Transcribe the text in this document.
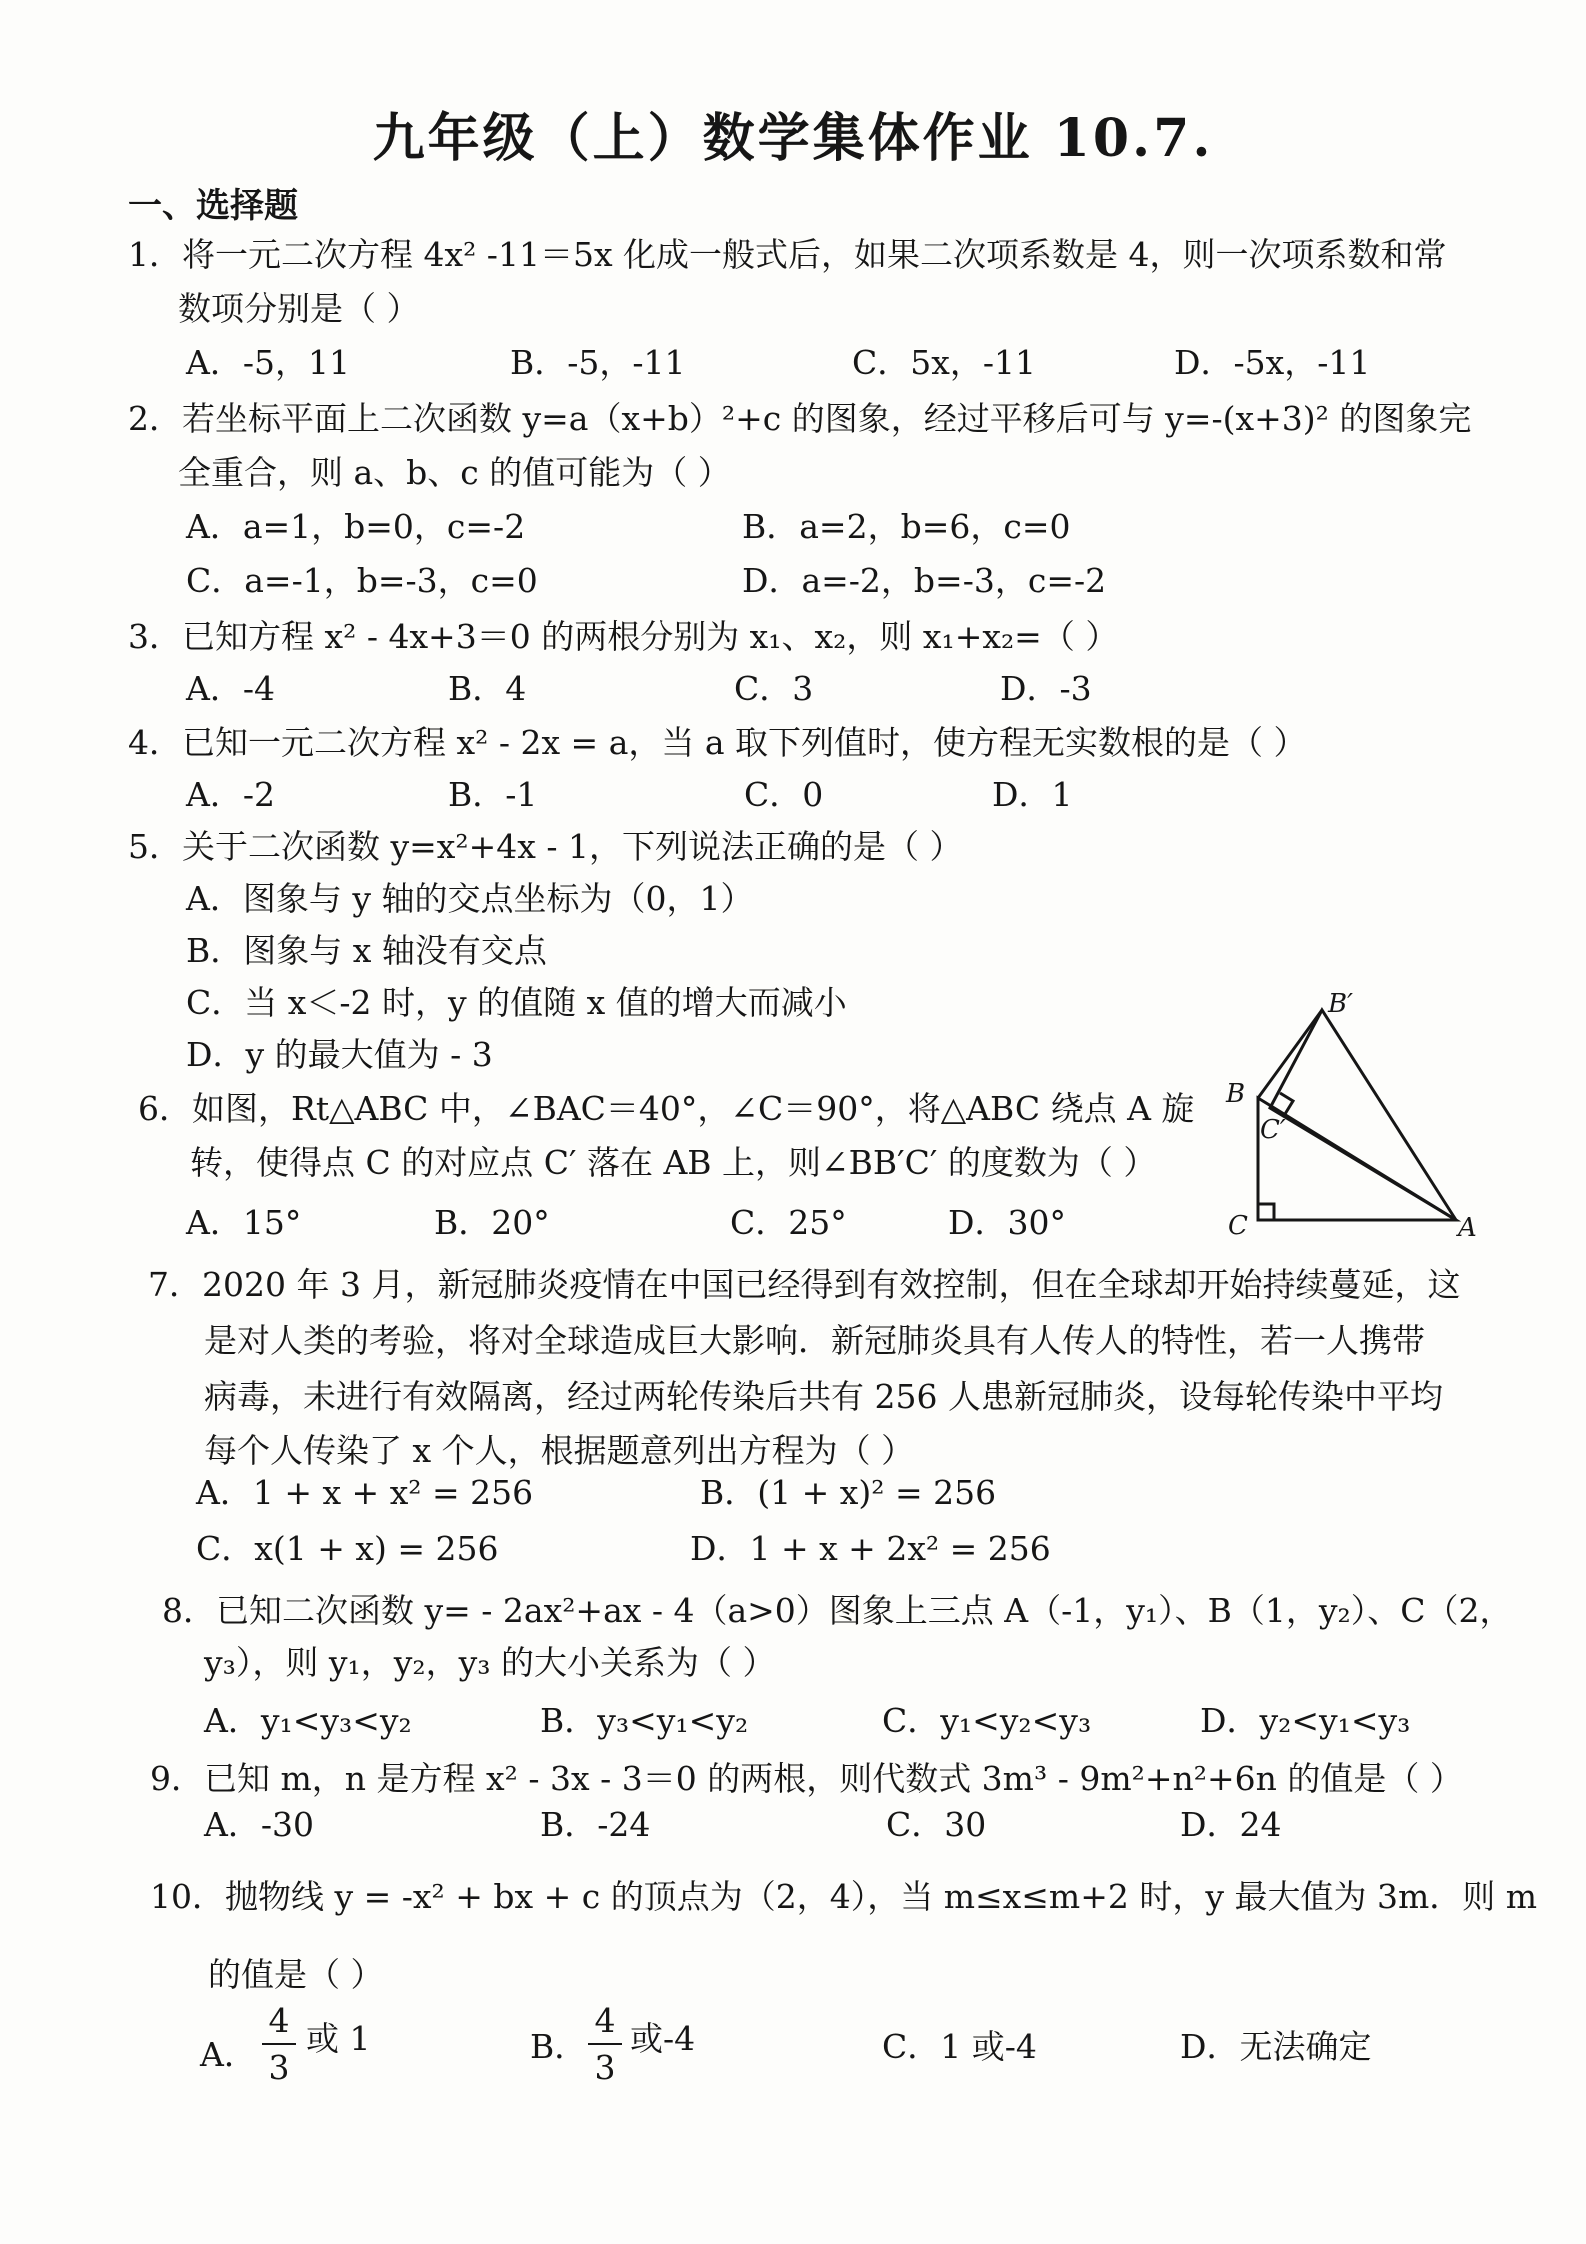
九年级（上）数学集体作业 10.7.
一、选择题
1．将一元二次方程 4x² -11＝5x 化成一般式后，如果二次项系数是 4，则一次项系数和常
数项分别是（ ）
A．-5，11	B．-5，-11	C．5x，-11	D．-5x，-11
2．若坐标平面上二次函数 y=a（x+b）²+c 的图象，经过平移后可与 y=-(x+3)² 的图象完
全重合，则 a、b、c 的值可能为（ ）
A．a=1，b=0，c=-2	B．a=2，b=6，c=0
C．a=-1，b=-3，c=0	D．a=-2，b=-3，c=-2
3．已知方程 x² - 4x+3＝0 的两根分别为 x₁、x₂，则 x₁+x₂=（ ）
A．-4	B．4	C．3	D．-3
4．已知一元二次方程 x² - 2x = a，当 a 取下列值时，使方程无实数根的是（ ）
A．-2	B．-1	C．0	D．1
5．关于二次函数 y=x²+4x - 1，下列说法正确的是（ ）
A．图象与 y 轴的交点坐标为（0，1）
B．图象与 x 轴没有交点
C．当 x＜-2 时，y 的值随 x 值的增大而减小
D．y 的最大值为 - 3
6．如图，Rt△ABC 中，∠BAC＝40°，∠C＝90°，将△ABC 绕点 A 旋
转，使得点 C 的对应点 C′ 落在 AB 上，则∠BB′C′ 的度数为（ ）
A．15°	B．20°	C．25°	D．30°
B′
B
C′
C	A
7．2020 年 3 月，新冠肺炎疫情在中国已经得到有效控制，但在全球却开始持续蔓延，这
是对人类的考验，将对全球造成巨大影响．新冠肺炎具有人传人的特性，若一人携带
病毒，未进行有效隔离，经过两轮传染后共有 256 人患新冠肺炎，设每轮传染中平均
每个人传染了 x 个人，根据题意列出方程为（ ）
A．1 + x + x² = 256	B．(1 + x)² = 256
C．x(1 + x) = 256	D．1 + x + 2x² = 256
8．已知二次函数 y= - 2ax²+ax - 4（a>0）图象上三点 A（-1，y₁）、B（1，y₂）、C（2，
y₃），则 y₁，y₂，y₃ 的大小关系为（ ）
A．y₁<y₃<y₂	B．y₃<y₁<y₂	C．y₁<y₂<y₃	D．y₂<y₁<y₃
9．已知 m，n 是方程 x² - 3x - 3＝0 的两根，则代数式 3m³ - 9m²+n²+6n 的值是（ ）
A．-30	B．-24	C．30	D．24
10．抛物线 y = -x² + bx + c 的顶点为（2，4），当 m≤x≤m+2 时，y 最大值为 3m．则 m
的值是（ ）
A． $\frac{4}{3}$ 或 1	B． $\frac{4}{3}$ 或-4	C．1 或-4	D．无法确定
